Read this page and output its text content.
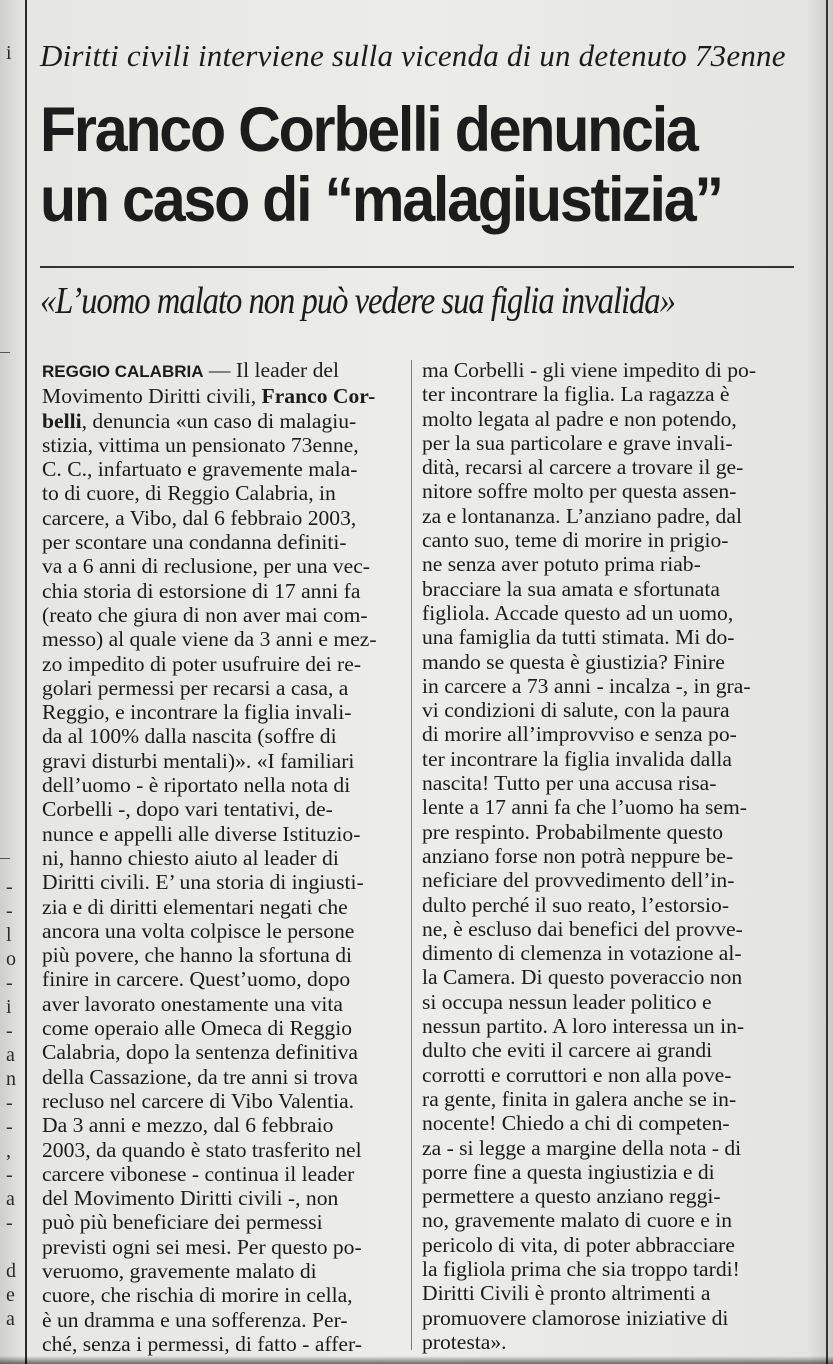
i
-
-
l
o
-
i
-
a
n
-
-
,
-
a
-
d
e
a
Diritti civili interviene sulla vicenda di un detenuto 73enne
Franco Corbelli denuncia
un caso di “malagiustizia”
«L’uomo malato non può vedere sua figlia invalida»
REGGIO CALABRIA — Il leader del
Movimento Diritti civili, Franco Cor-
belli, denuncia «un caso di malagiu-
stizia, vittima un pensionato 73enne,
C. C., infartuato e gravemente mala-
to di cuore, di Reggio Calabria, in
carcere, a Vibo, dal 6 febbraio 2003,
per scontare una condanna definiti-
va a 6 anni di reclusione, per una vec-
chia storia di estorsione di 17 anni fa
(reato che giura di non aver mai com-
messo) al quale viene da 3 anni e mez-
zo impedito di poter usufruire dei re-
golari permessi per recarsi a casa, a
Reggio, e incontrare la figlia invali-
da al 100% dalla nascita (soffre di
gravi disturbi mentali)». «I familiari
dell’uomo - è riportato nella nota di
Corbelli -, dopo vari tentativi, de-
nunce e appelli alle diverse Istituzio-
ni, hanno chiesto aiuto al leader di
Diritti civili. E’ una storia di ingiusti-
zia e di diritti elementari negati che
ancora una volta colpisce le persone
più povere, che hanno la sfortuna di
finire in carcere. Quest’uomo, dopo
aver lavorato onestamente una vita
come operaio alle Omeca di Reggio
Calabria, dopo la sentenza definitiva
della Cassazione, da tre anni si trova
recluso nel carcere di Vibo Valentia.
Da 3 anni e mezzo, dal 6 febbraio
2003, da quando è stato trasferito nel
carcere vibonese - continua il leader
del Movimento Diritti civili -, non
può più beneficiare dei permessi
previsti ogni sei mesi. Per questo po-
veruomo, gravemente malato di
cuore, che rischia di morire in cella,
è un dramma e una sofferenza. Per-
ché, senza i permessi, di fatto - affer-
ma Corbelli - gli viene impedito di po-
ter incontrare la figlia. La ragazza è
molto legata al padre e non potendo,
per la sua particolare e grave invali-
dità, recarsi al carcere a trovare il ge-
nitore soffre molto per questa assen-
za e lontananza. L’anziano padre, dal
canto suo, teme di morire in prigio-
ne senza aver potuto prima riab-
bracciare la sua amata e sfortunata
figliola. Accade questo ad un uomo,
una famiglia da tutti stimata. Mi do-
mando se questa è giustizia? Finire
in carcere a 73 anni - incalza -, in gra-
vi condizioni di salute, con la paura
di morire all’improvviso e senza po-
ter incontrare la figlia invalida dalla
nascita! Tutto per una accusa risa-
lente a 17 anni fa che l’uomo ha sem-
pre respinto. Probabilmente questo
anziano forse non potrà neppure be-
neficiare del provvedimento dell’in-
dulto perché il suo reato, l’estorsio-
ne, è escluso dai benefici del provve-
dimento di clemenza in votazione al-
la Camera. Di questo poveraccio non
si occupa nessun leader politico e
nessun partito. A loro interessa un in-
dulto che eviti il carcere ai grandi
corrotti e corruttori e non alla pove-
ra gente, finita in galera anche se in-
nocente! Chiedo a chi di competen-
za - si legge a margine della nota - di
porre fine a questa ingiustizia e di
permettere a questo anziano reggi-
no, gravemente malato di cuore e in
pericolo di vita, di poter abbracciare
la figliola prima che sia troppo tardi!
Diritti Civili è pronto altrimenti a
promuovere clamorose iniziative di
protesta».
